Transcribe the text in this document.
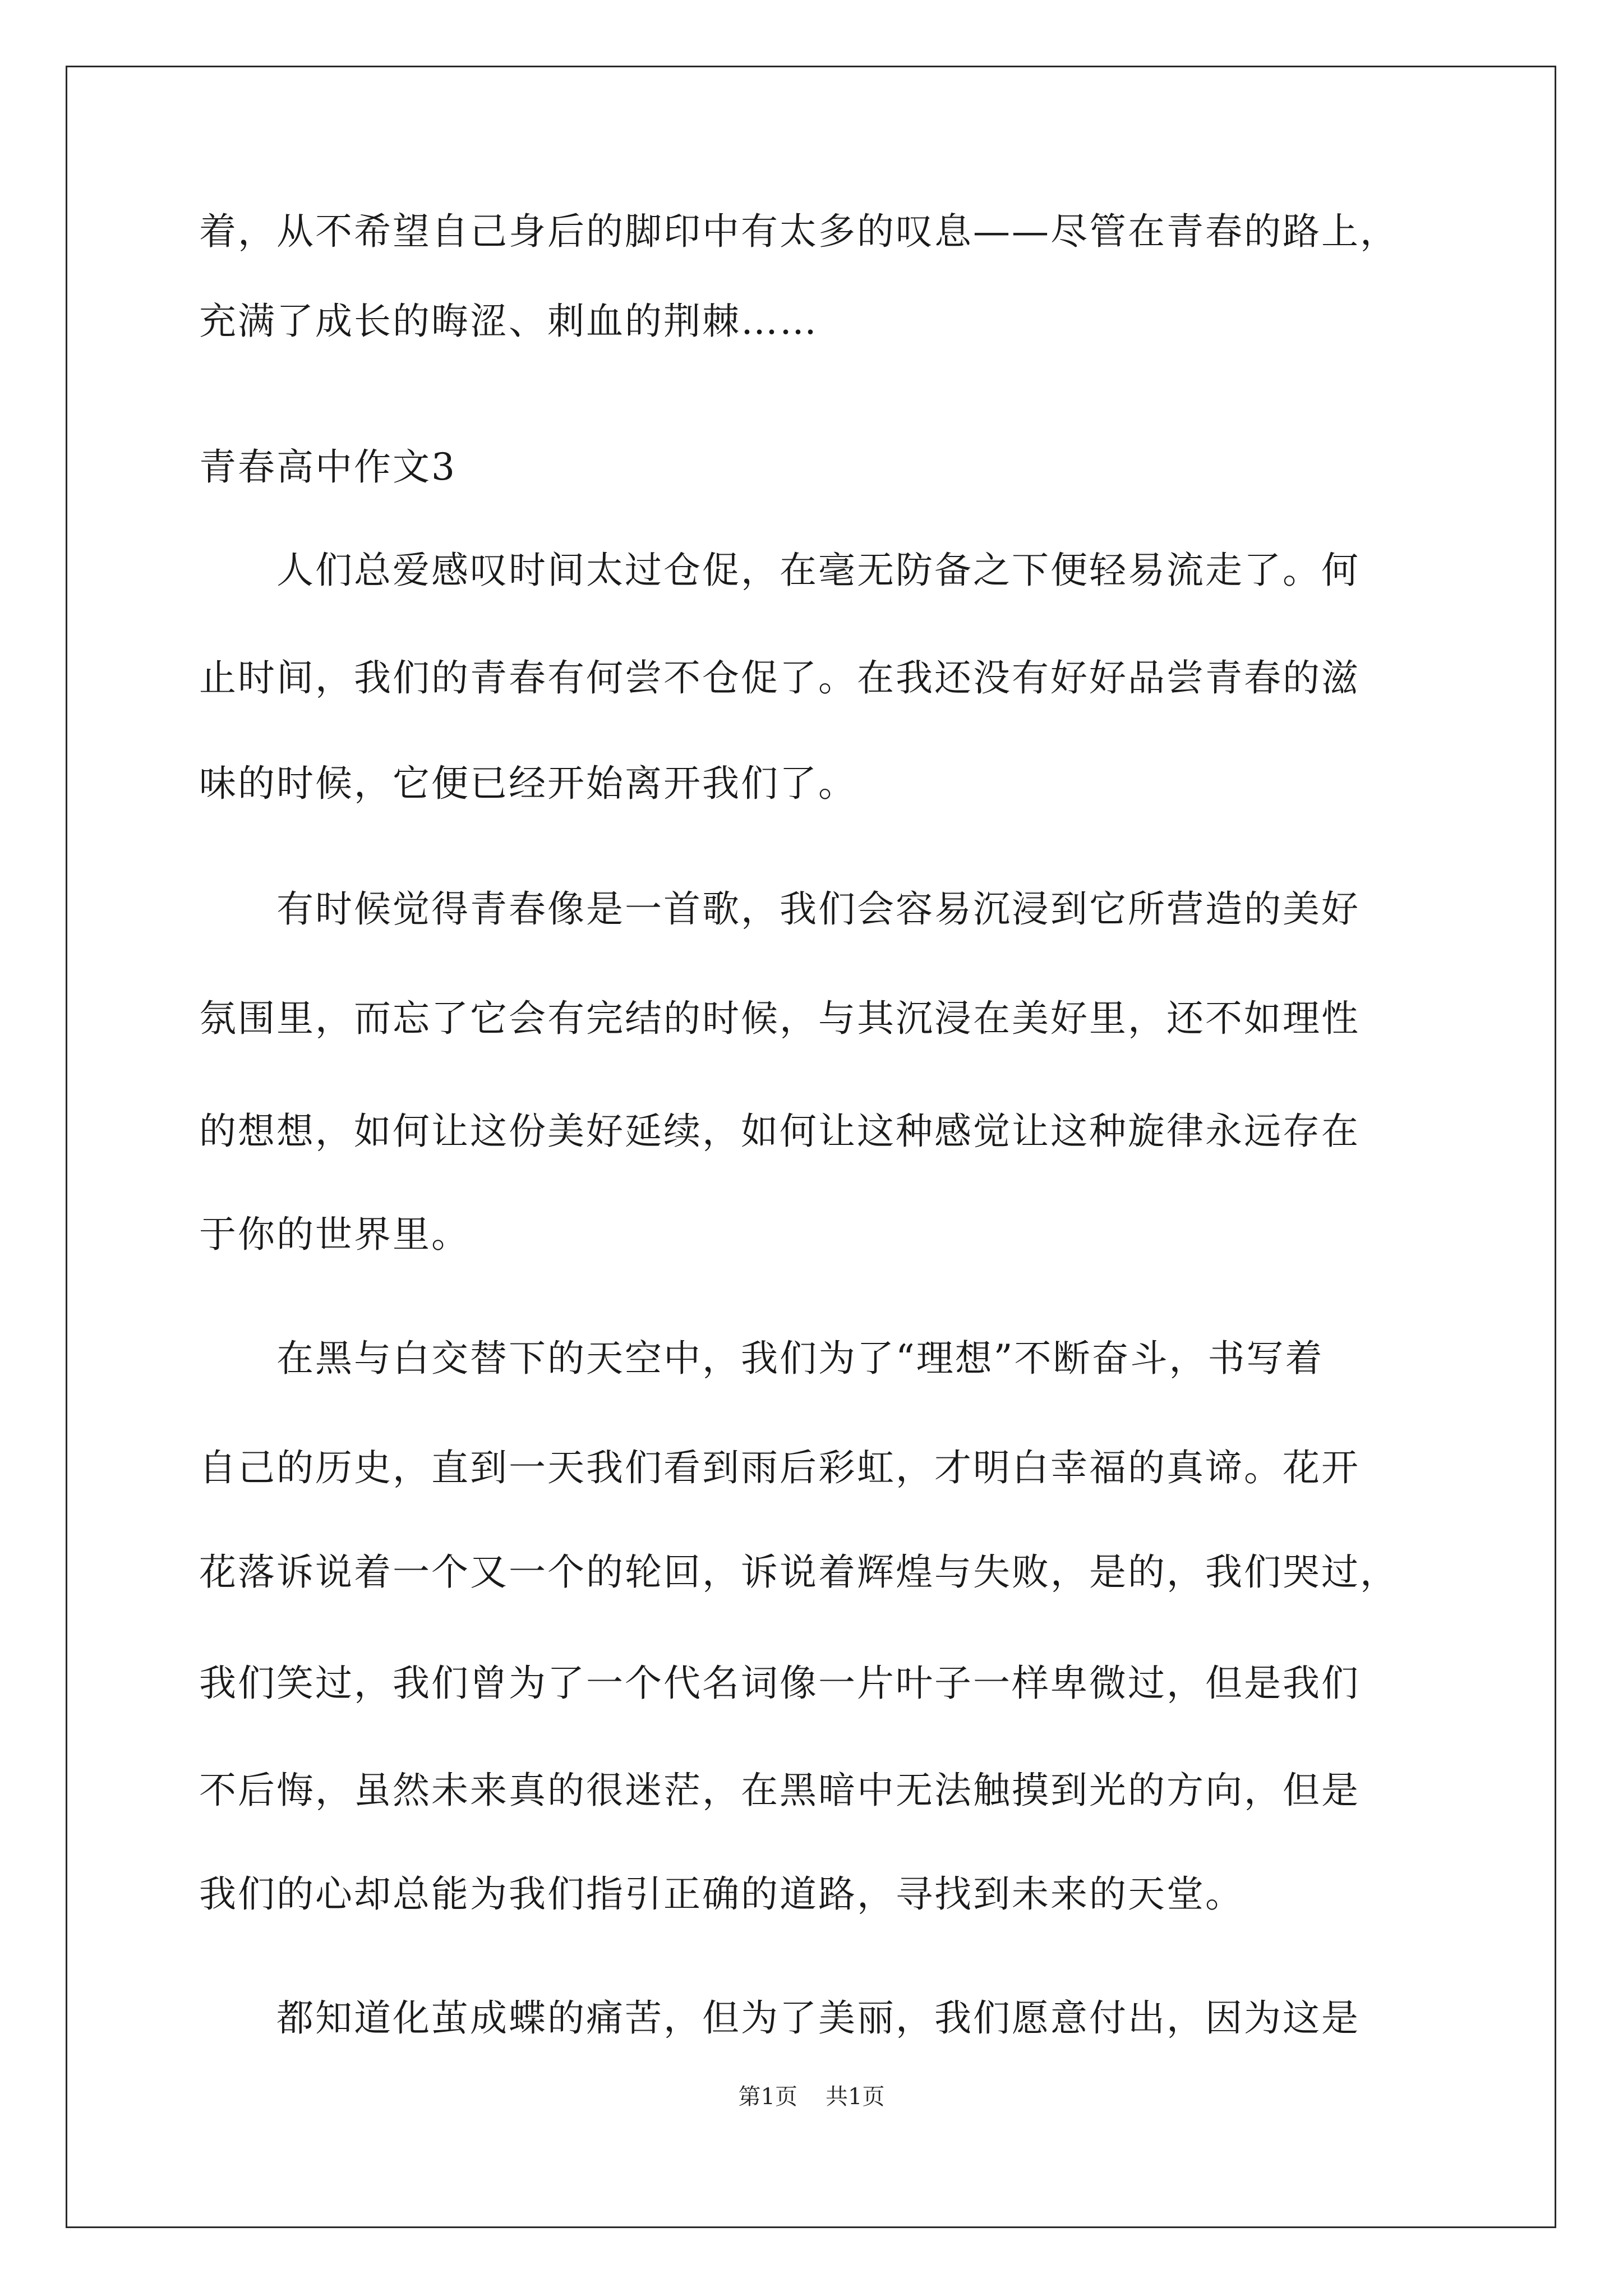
着，从不希望自己身后的脚印中有太多的叹息——尽管在青春的路上，
充满了成长的晦涩、刺血的荆棘……
青春高中作文3
　　人们总爱感叹时间太过仓促，在毫无防备之下便轻易流走了。何
止时间，我们的青春有何尝不仓促了。在我还没有好好品尝青春的滋
味的时候，它便已经开始离开我们了。
　　有时候觉得青春像是一首歌，我们会容易沉浸到它所营造的美好
氛围里，而忘了它会有完结的时候，与其沉浸在美好里，还不如理性
的想想，如何让这份美好延续，如何让这种感觉让这种旋律永远存在
于你的世界里。
　　在黑与白交替下的天空中，我们为了“理想”不断奋斗，书写着
自己的历史，直到一天我们看到雨后彩虹，才明白幸福的真谛。花开
花落诉说着一个又一个的轮回，诉说着辉煌与失败，是的，我们哭过，
我们笑过，我们曾为了一个代名词像一片叶子一样卑微过，但是我们
不后悔，虽然未来真的很迷茫，在黑暗中无法触摸到光的方向，但是
我们的心却总能为我们指引正确的道路，寻找到未来的天堂。
　　都知道化茧成蝶的痛苦，但为了美丽，我们愿意付出，因为这是
第1页 共1页
